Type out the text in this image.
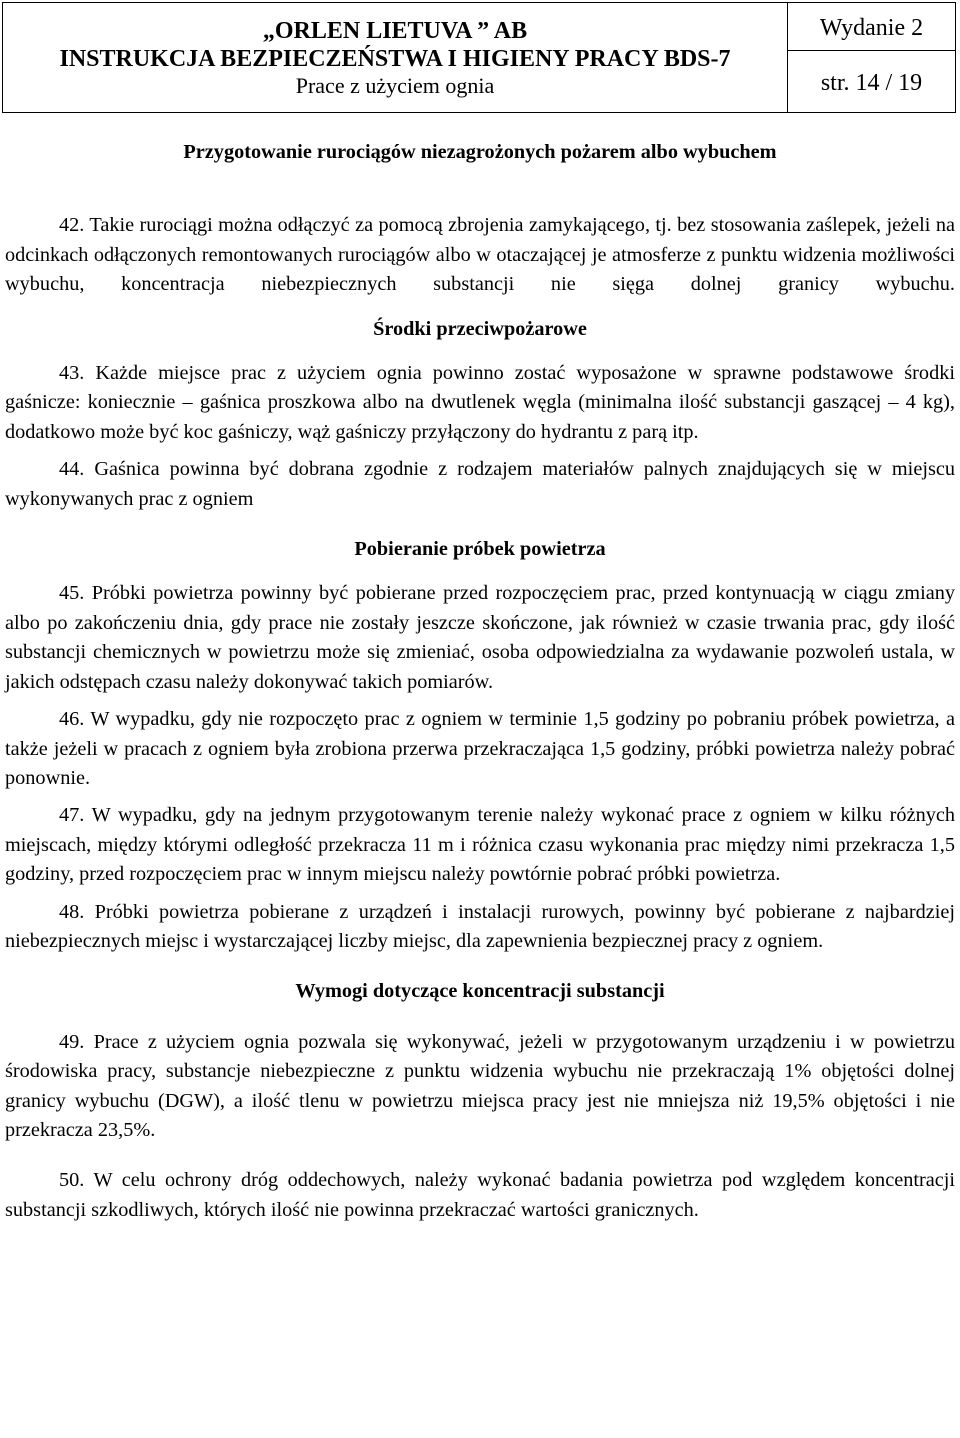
„ORLEN LIETUVA ” AB
INSTRUKCJA BEZPIECZEŃSTWA I HIGIENY PRACY BDS-7
Prace z użyciem ognia

Wydanie 2
str. 14 / 19

Przygotowanie rurociągów niezagrożonych pożarem albo wybuchem

42. Takie rurociągi można odłączyć za pomocą zbrojenia zamykającego, tj. bez stosowania zaślepek, jeżeli na odcinkach odłączonych remontowanych rurociągów albo w otaczającej je atmosferze z punktu widzenia możliwości wybuchu, koncentracja niebezpiecznych substancji nie sięga dolnej granicy wybuchu.

Środki przeciwpożarowe

43. Każde miejsce prac z użyciem ognia powinno zostać wyposażone w sprawne podstawowe środki gaśnicze: koniecznie – gaśnica proszkowa albo na dwutlenek węgla (minimalna ilość substancji gaszącej – 4 kg), dodatkowo może być koc gaśniczy, wąż gaśniczy przyłączony do hydrantu z parą itp.

44. Gaśnica powinna być dobrana zgodnie z rodzajem materiałów palnych znajdujących się w miejscu wykonywanych prac z ogniem

Pobieranie próbek powietrza

45. Próbki powietrza powinny być pobierane przed rozpoczęciem prac, przed kontynuacją w ciągu zmiany albo po zakończeniu dnia, gdy prace nie zostały jeszcze skończone, jak również w czasie trwania prac, gdy ilość substancji chemicznych w powietrzu może się zmieniać, osoba odpowiedzialna za wydawanie pozwoleń ustala, w jakich odstępach czasu należy dokonywać takich pomiarów.

46. W wypadku, gdy nie rozpoczęto prac z ogniem w terminie 1,5 godziny po pobraniu próbek powietrza, a także jeżeli w pracach z ogniem była zrobiona przerwa przekraczająca 1,5 godziny, próbki powietrza należy pobrać ponownie.

47. W wypadku, gdy na jednym przygotowanym terenie należy wykonać prace z ogniem w kilku różnych miejscach, między którymi odległość przekracza 11 m i różnica czasu wykonania prac między nimi przekracza 1,5 godziny, przed rozpoczęciem prac w innym miejscu należy powtórnie pobrać próbki powietrza.

48. Próbki powietrza pobierane z urządzeń i instalacji rurowych, powinny być pobierane z najbardziej niebezpiecznych miejsc i wystarczającej liczby miejsc, dla zapewnienia bezpiecznej pracy z ogniem.

Wymogi dotyczące koncentracji substancji

49. Prace z użyciem ognia pozwala się wykonywać, jeżeli w przygotowanym urządzeniu i w powietrzu środowiska pracy, substancje niebezpieczne z punktu widzenia wybuchu nie przekraczają 1% objętości dolnej granicy wybuchu (DGW), a ilość tlenu w powietrzu miejsca pracy jest nie mniejsza niż 19,5% objętości i nie przekracza 23,5%.

50. W celu ochrony dróg oddechowych, należy wykonać badania powietrza pod względem koncentracji substancji szkodliwych, których ilość nie powinna przekraczać wartości granicznych.
